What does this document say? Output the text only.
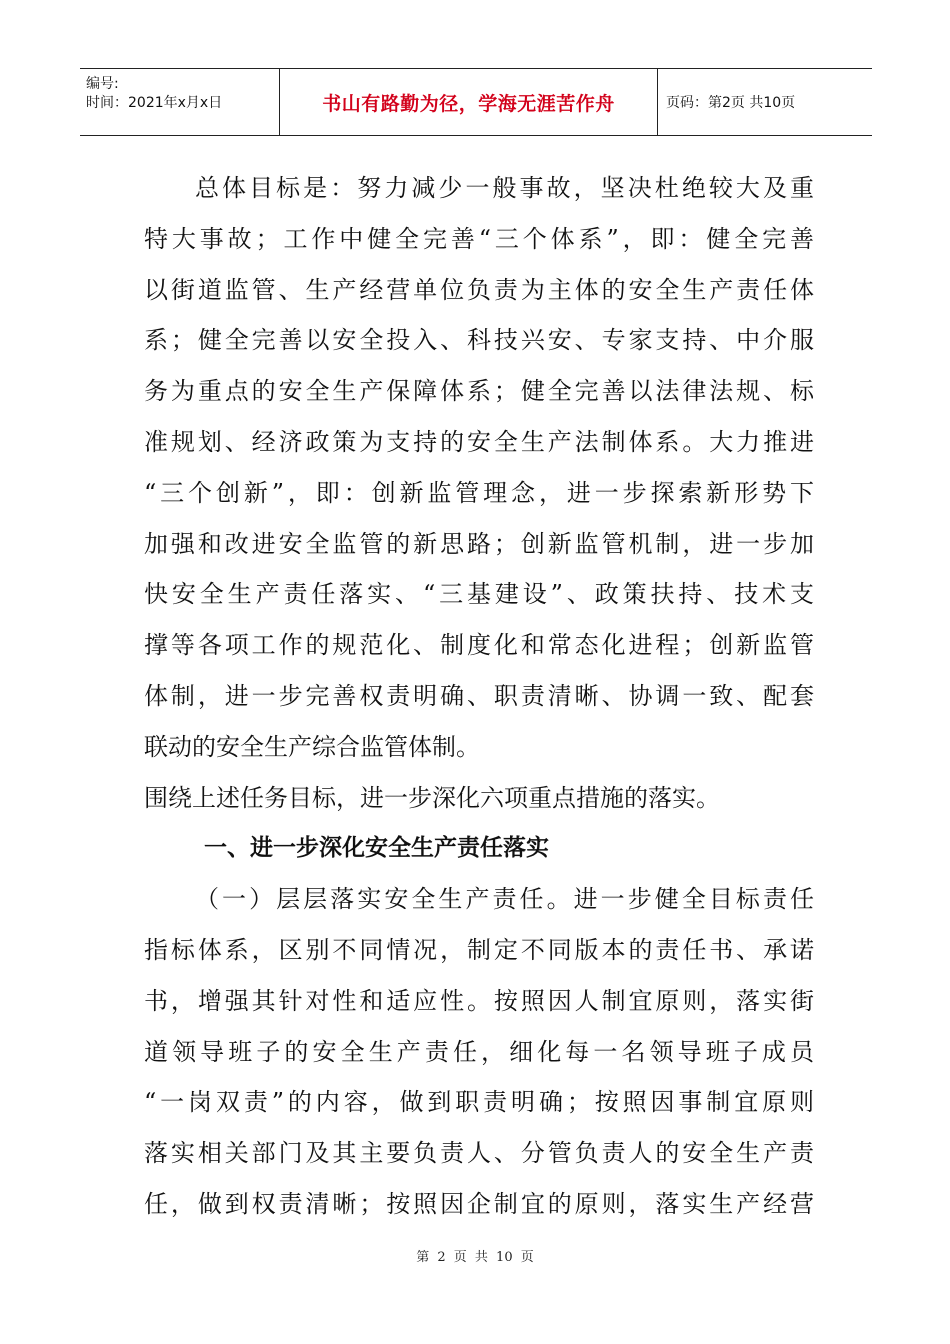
编号:
时间：2021年x月x日	书山有路勤为径，学海无涯苦作舟	页码：第2页 共10页
总体目标是：努力减少一般事故，坚决杜绝较大及重
特大事故；工作中健全完善“三个体系”，即：健全完善
以街道监管、生产经营单位负责为主体的安全生产责任体
系；健全完善以安全投入、科技兴安、专家支持、中介服
务为重点的安全生产保障体系；健全完善以法律法规、标
准规划、经济政策为支持的安全生产法制体系。大力推进
“三个创新”，即：创新监管理念，进一步探索新形势下
加强和改进安全监管的新思路；创新监管机制，进一步加
快安全生产责任落实、“三基建设”、政策扶持、技术支
撑等各项工作的规范化、制度化和常态化进程；创新监管
体制，进一步完善权责明确、职责清晰、协调一致、配套
联动的安全生产综合监管体制。
围绕上述任务目标，进一步深化六项重点措施的落实。
一、进一步深化安全生产责任落实
（一）层层落实安全生产责任。进一步健全目标责任
指标体系，区别不同情况，制定不同版本的责任书、承诺
书，增强其针对性和适应性。按照因人制宜原则，落实街
道领导班子的安全生产责任，细化每一名领导班子成员
“一岗双责”的内容，做到职责明确；按照因事制宜原则
落实相关部门及其主要负责人、分管负责人的安全生产责
任，做到权责清晰；按照因企制宜的原则，落实生产经营
第 2 页 共 10 页
